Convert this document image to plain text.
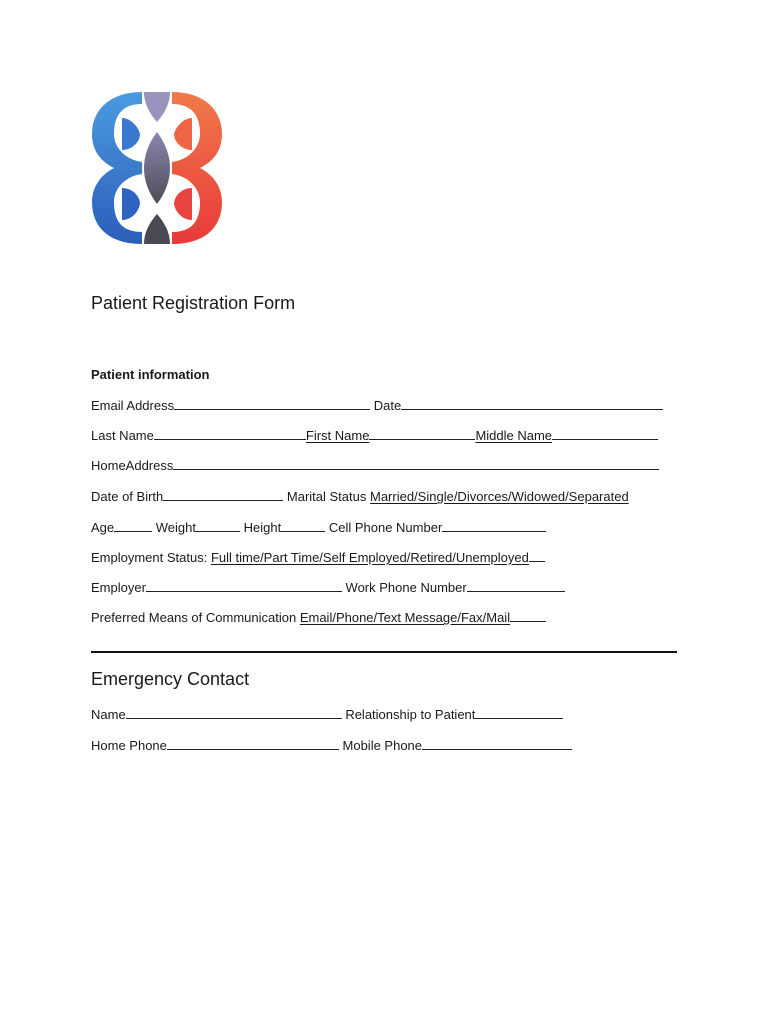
Patient Registration Form
Patient information
Email Address	Date
Last Name	First Name	Middle Name
HomeAddress
Date of Birth	Marital Status Married/Single/Divorces/Widowed/Separated
Age	Weight	Height	Cell Phone Number
Employment Status: Full time/Part Time/Self Employed/Retired/Unemployed
Employer	Work Phone Number
Preferred Means of Communication Email/Phone/Text Message/Fax/Mail
Emergency Contact
Name	Relationship to Patient
Home Phone	Mobile Phone
